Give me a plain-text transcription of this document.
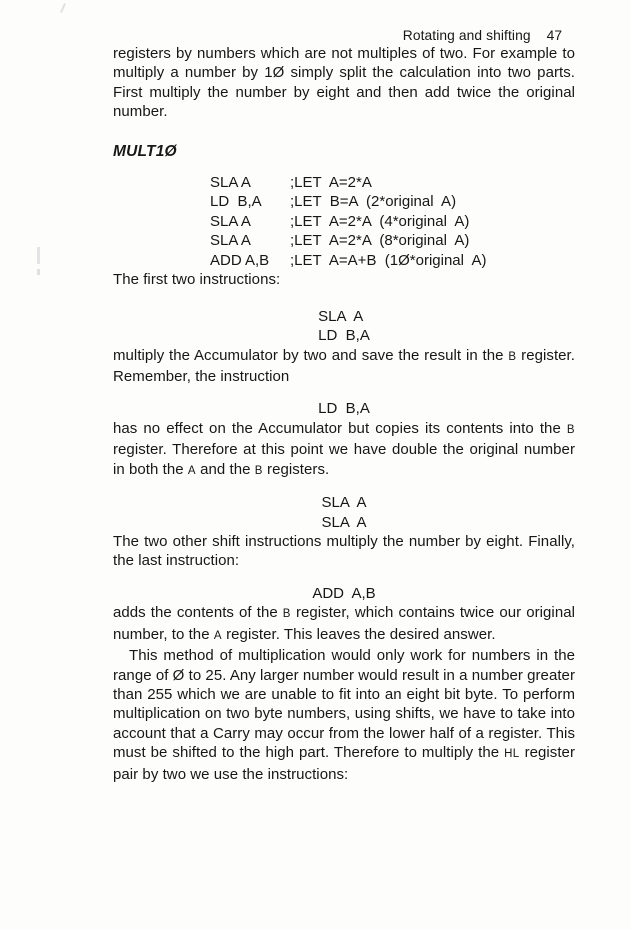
Rotating and shifting 47

registers by numbers which are not multiples of two. For example to multiply a number by 1Ø simply split the calculation into two parts. First multiply the number by eight and then add twice the original number.

MULT1Ø
SLA A	;LET  A=2*A
LD  B,A	;LET  B=A  (2*original  A)
SLA A	;LET  A=2*A  (4*original  A)
SLA A	;LET  A=2*A  (8*original  A)
ADD A,B	;LET  A=A+B  (1Ø*original  A)

The first two instructions:

SLA  A
LD  B,A

multiply the Accumulator by two and save the result in the B register. Remember, the instruction

LD  B,A

has no effect on the Accumulator but copies its contents into the B register. Therefore at this point we have double the original number in both the A and the B registers.

SLA  A
SLA  A

The two other shift instructions multiply the number by eight. Finally, the last instruction:

ADD  A,B

adds the contents of the B register, which contains twice our original number, to the A register. This leaves the desired answer.

This method of multiplication would only work for numbers in the range of Ø to 25. Any larger number would result in a number greater than 255 which we are unable to fit into an eight bit byte. To perform multiplication on two byte numbers, using shifts, we have to take into account that a Carry may occur from the lower half of a register. This must be shifted to the high part. Therefore to multiply the HL register pair by two we use the instructions:
